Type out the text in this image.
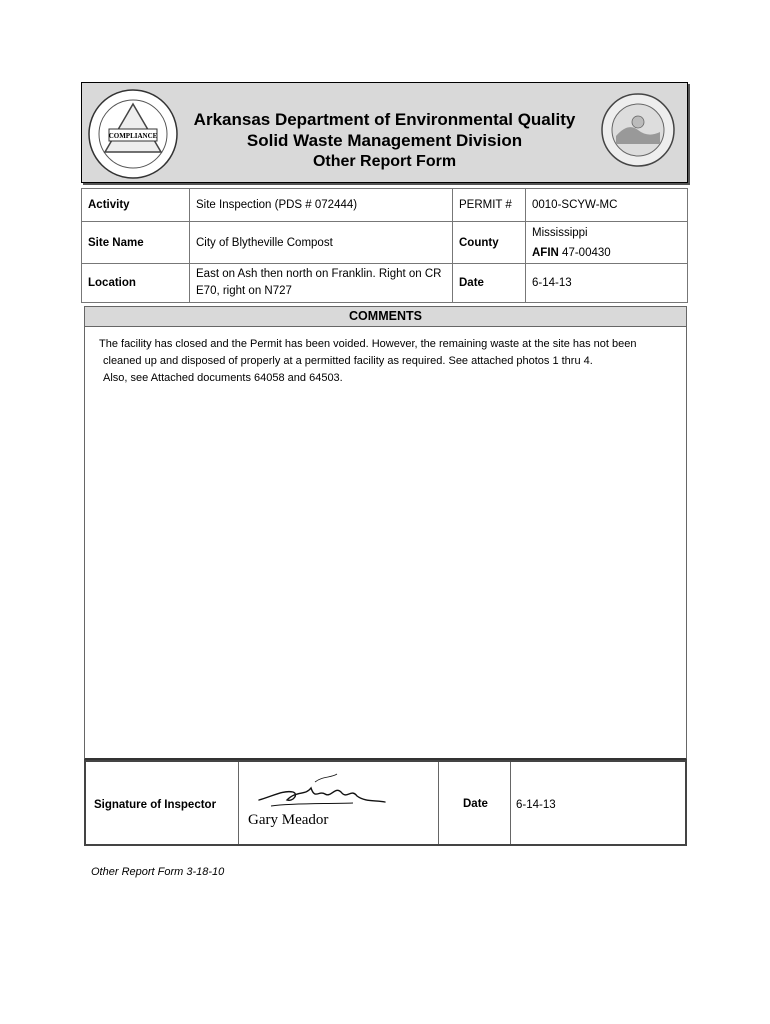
COMPLIANCE
Arkansas Department of Environmental Quality
Solid Waste Management Division
Other Report Form
Activity	Site Inspection (PDS # 072444)	PERMIT #	0010-SCYW-MC
Site Name	City of Blytheville Compost	County	Mississippi
AFIN 47-00430

Location	East on Ash then north on Franklin. Right on CR
E70, right on N727	Date	6-14-13
COMMENTS

The facility has closed and the Permit has been voided. However, the remaining waste at the site has not been

cleaned up and disposed of properly at a permitted facility as required. See attached photos 1 thru 4.

Also, see Attached documents 64058 and 64503.

Signature of Inspector
Gary Meador
Date 6-14-13
Other Report Form 3-18-10
